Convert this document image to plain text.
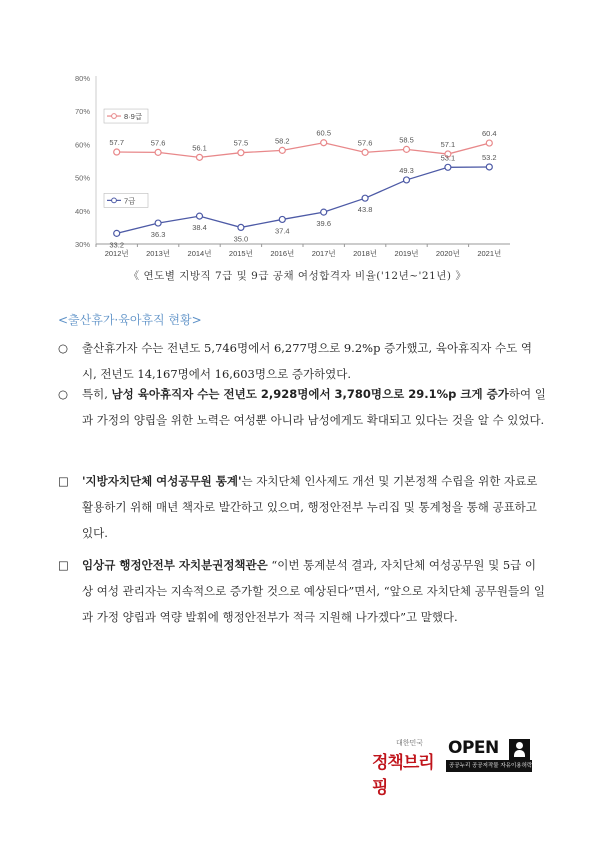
30%
40%
50%
60%
70%
80%
2012년 2013년 2014년 2015년 2016년 2017년 2018년 2019년 2020년 2021년
57.7	57.6
56.1
57.5	58.2
60.5
57.6	58.5
57.1
60.4
33.2
36.3
38.4
35.0
37.4
39.6
43.8
49.3
53.1	53.2
8·9급
7급
《 연도별 지방직 7급 및 9급 공채 여성합격자 비율('12년~'21년) 》
<출산휴가·육아휴직 현황>
○ 출산휴가자 수는 전년도 5,746명에서 6,277명으로 9.2%p 증가했고, 육아휴직자 수도 역시, 전년도 14,167명에서 16,603명으로 증가하였다.
○ 특히, 남성 육아휴직자 수는 전년도 2,928명에서 3,780명으로 29.1%p 크게 증가하여 일과 가정의 양립을 위한 노력은 여성뿐 아니라 남성에게도 확대되고 있다는 것을 알 수 있었다.
□ '지방자치단체 여성공무원 통계'는 자치단체 인사제도 개선 및 기본정책 수립을 위한 자료로 활용하기 위해 매년 책자로 발간하고 있으며, 행정안전부 누리집 및 통계청을 통해 공표하고 있다.
□ 임상규 행정안전부 자치분권정책관은 “이번 통계분석 결과, 자치단체 여성공무원 및 5급 이상 여성 관리자는 지속적으로 증가할 것으로 예상된다”면서, “앞으로 자치단체 공무원들의 일과 가정 양립과 역량 발휘에 행정안전부가 적극 지원해 나가겠다”고 말했다.
대한민국
정책브리핑
OPEN
공공누리 공공저작물 자유이용허락
